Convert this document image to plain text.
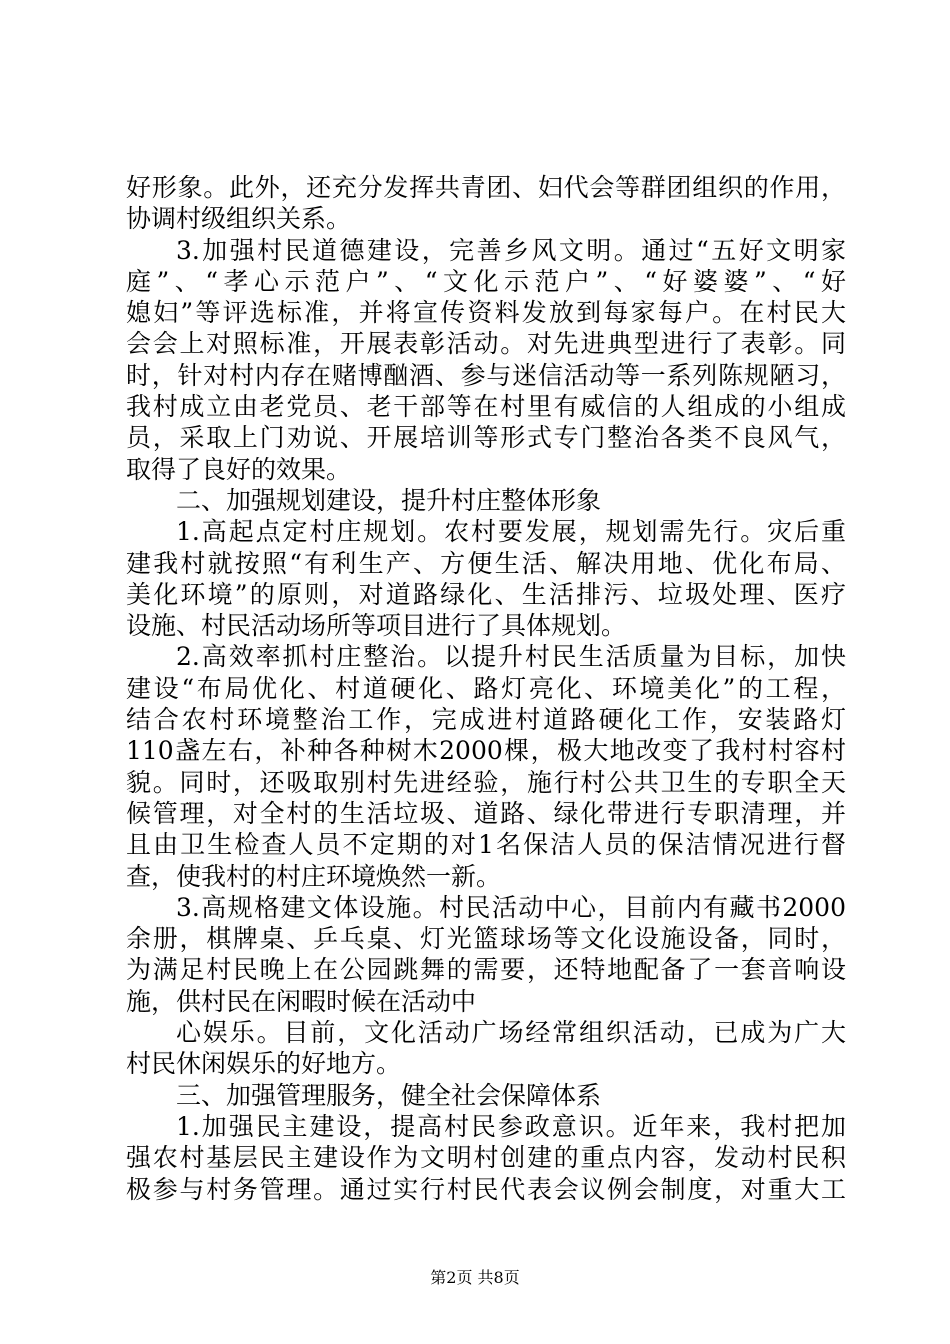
好形象。此外，还充分发挥共青团、妇代会等群团组织的作用，
协调村级组织关系。
3.加强村民道德建设，完善乡风文明。通过“五好文明家
庭”、“孝心示范户”、“文化示范户”、“好婆婆”、“好
媳妇”等评选标准，并将宣传资料发放到每家每户。在村民大
会会上对照标准，开展表彰活动。对先进典型进行了表彰。同
时，针对村内存在赌博酗酒、参与迷信活动等一系列陈规陋习，
我村成立由老党员、老干部等在村里有威信的人组成的小组成
员，采取上门劝说、开展培训等形式专门整治各类不良风气，
取得了良好的效果。
二、加强规划建设，提升村庄整体形象
1.高起点定村庄规划。农村要发展，规划需先行。灾后重
建我村就按照“有利生产、方便生活、解决用地、优化布局、
美化环境”的原则，对道路绿化、生活排污、垃圾处理、医疗
设施、村民活动场所等项目进行了具体规划。
2.高效率抓村庄整治。以提升村民生活质量为目标，加快
建设“布局优化、村道硬化、路灯亮化、环境美化”的工程，
结合农村环境整治工作，完成进村道路硬化工作，安装路灯
110盏左右，补种各种树木2000棵，极大地改变了我村村容村
貌。同时，还吸取别村先进经验，施行村公共卫生的专职全天
候管理，对全村的生活垃圾、道路、绿化带进行专职清理，并
且由卫生检查人员不定期的对1名保洁人员的保洁情况进行督
查，使我村的村庄环境焕然一新。
3.高规格建文体设施。村民活动中心，目前内有藏书2000
余册，棋牌桌、乒乓桌、灯光篮球场等文化设施设备，同时，
为满足村民晚上在公园跳舞的需要，还特地配备了一套音响设
施，供村民在闲暇时候在活动中
心娱乐。目前，文化活动广场经常组织活动，已成为广大
村民休闲娱乐的好地方。
三、加强管理服务，健全社会保障体系
1.加强民主建设，提高村民参政意识。近年来，我村把加
强农村基层民主建设作为文明村创建的重点内容，发动村民积
极参与村务管理。通过实行村民代表会议例会制度，对重大工
第2页 共8页
